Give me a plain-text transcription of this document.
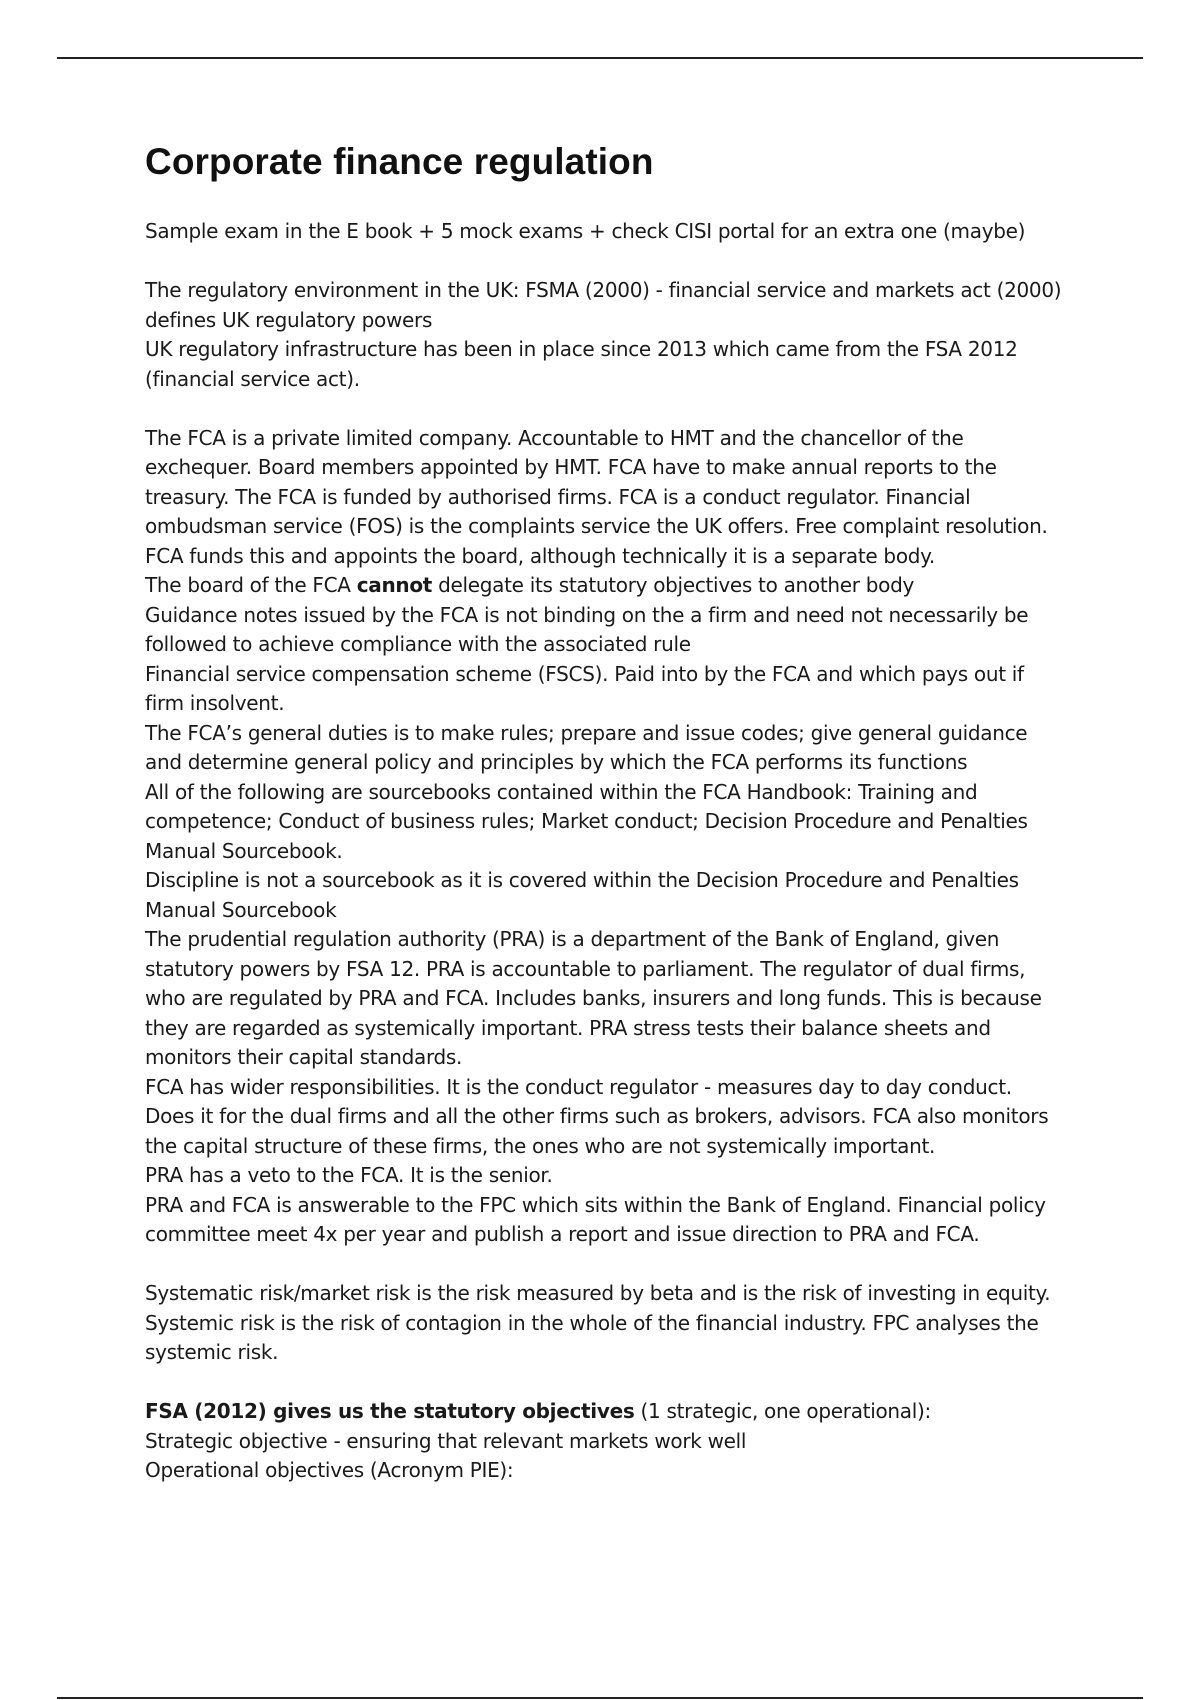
Corporate finance regulation

Sample exam in the E book + 5 mock exams + check CISI portal for an extra one (maybe)

The regulatory environment in the UK: FSMA (2000) - financial service and markets act (2000) defines UK regulatory powers

UK regulatory infrastructure has been in place since 2013 which came from the FSA 2012 (financial service act).

The FCA is a private limited company. Accountable to HMT and the chancellor of the exchequer. Board members appointed by HMT. FCA have to make annual reports to the treasury. The FCA is funded by authorised firms. FCA is a conduct regulator. Financial ombudsman service (FOS) is the complaints service the UK offers. Free complaint resolution. FCA funds this and appoints the board, although technically it is a separate body.

The board of the FCA cannot delegate its statutory objectives to another body

Guidance notes issued by the FCA is not binding on the a firm and need not necessarily be followed to achieve compliance with the associated rule

Financial service compensation scheme (FSCS). Paid into by the FCA and which pays out if firm insolvent.

The FCA’s general duties is to make rules; prepare and issue codes; give general guidance and determine general policy and principles by which the FCA performs its functions

All of the following are sourcebooks contained within the FCA Handbook: Training and competence; Conduct of business rules; Market conduct; Decision Procedure and Penalties Manual Sourcebook.

Discipline is not a sourcebook as it is covered within the Decision Procedure and Penalties Manual Sourcebook

The prudential regulation authority (PRA) is a department of the Bank of England, given statutory powers by FSA 12. PRA is accountable to parliament. The regulator of dual firms, who are regulated by PRA and FCA. Includes banks, insurers and long funds. This is because they are regarded as systemically important. PRA stress tests their balance sheets and monitors their capital standards.

FCA has wider responsibilities. It is the conduct regulator - measures day to day conduct. Does it for the dual firms and all the other firms such as brokers, advisors. FCA also monitors the capital structure of these firms, the ones who are not systemically important.

PRA has a veto to the FCA. It is the senior.

PRA and FCA is answerable to the FPC which sits within the Bank of England. Financial policy committee meet 4x per year and publish a report and issue direction to PRA and FCA.

Systematic risk/market risk is the risk measured by beta and is the risk of investing in equity. Systemic risk is the risk of contagion in the whole of the financial industry. FPC analyses the systemic risk.

FSA (2012) gives us the statutory objectives (1 strategic, one operational):

Strategic objective - ensuring that relevant markets work well

Operational objectives (Acronym PIE):
